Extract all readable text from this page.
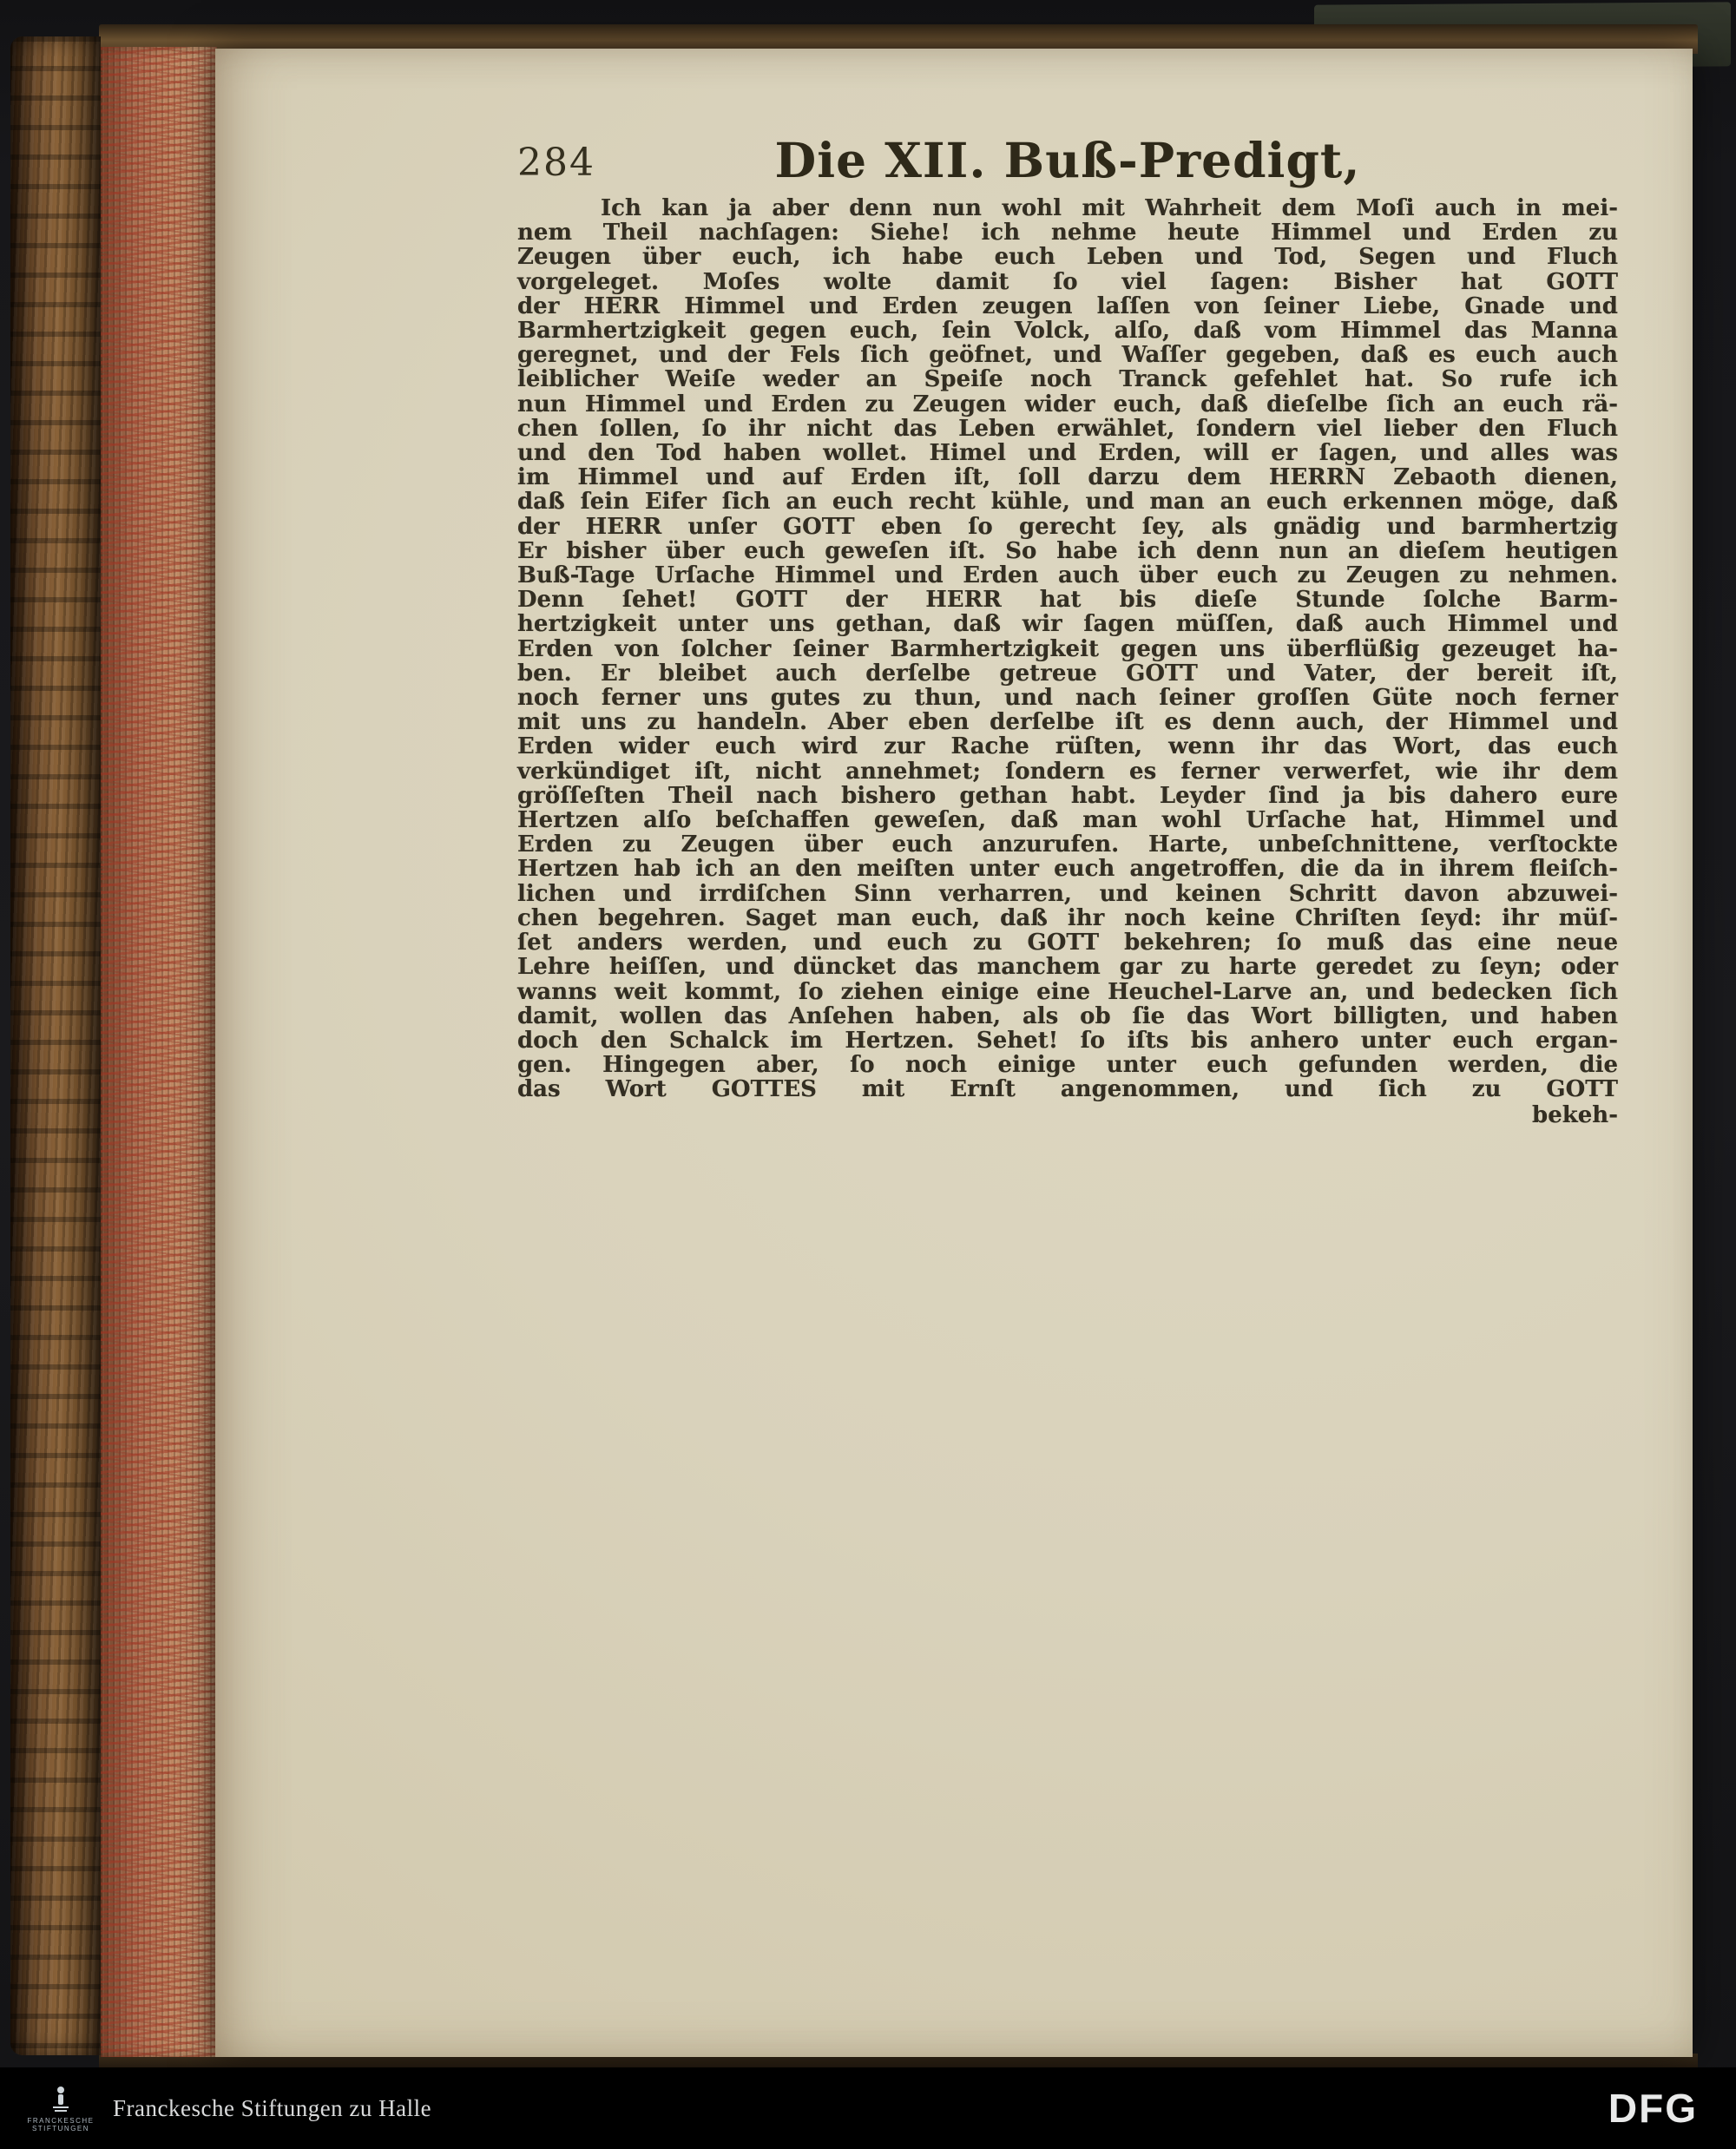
284	Die XII. Buß-Predigt,
Ich kan ja aber denn nun wohl mit Wahrheit dem Moſi auch in mei-
nem Theil nachſagen: Siehe! ich nehme heute Himmel und Erden zu
Zeugen über euch, ich habe euch Leben und Tod, Segen und Fluch
vorgeleget. Moſes wolte damit ſo viel ſagen: Bisher hat GOTT
der HERR Himmel und Erden zeugen laſſen von ſeiner Liebe, Gnade und
Barmhertzigkeit gegen euch, ſein Volck, alſo, daß vom Himmel das Manna
geregnet, und der Fels ſich geöfnet, und Waſſer gegeben, daß es euch auch
leiblicher Weiſe weder an Speiſe noch Tranck gefehlet hat. So rufe ich
nun Himmel und Erden zu Zeugen wider euch, daß dieſelbe ſich an euch rä-
chen ſollen, ſo ihr nicht das Leben erwählet, ſondern viel lieber den Fluch
und den Tod haben wollet. Himel und Erden, will er ſagen, und alles was
im Himmel und auf Erden iſt, ſoll darzu dem HERRN Zebaoth dienen,
daß ſein Eifer ſich an euch recht kühle, und man an euch erkennen möge, daß
der HERR unſer GOTT eben ſo gerecht ſey, als gnädig und barmhertzig
Er bisher über euch geweſen iſt. So habe ich denn nun an dieſem heutigen
Buß-Tage Urſache Himmel und Erden auch über euch zu Zeugen zu nehmen.
Denn ſehet! GOTT der HERR hat bis dieſe Stunde ſolche Barm-
hertzigkeit unter uns gethan, daß wir ſagen müſſen, daß auch Himmel und
Erden von ſolcher ſeiner Barmhertzigkeit gegen uns überflüßig gezeuget ha-
ben. Er bleibet auch derſelbe getreue GOTT und Vater, der bereit iſt,
noch ferner uns gutes zu thun, und nach ſeiner groſſen Güte noch ferner
mit uns zu handeln. Aber eben derſelbe iſt es denn auch, der Himmel und
Erden wider euch wird zur Rache rüſten, wenn ihr das Wort, das euch
verkündiget iſt, nicht annehmet; ſondern es ferner verwerfet, wie ihr dem
gröſſeſten Theil nach bishero gethan habt. Leyder ſind ja bis dahero eure
Hertzen alſo beſchaffen geweſen, daß man wohl Urſache hat, Himmel und
Erden zu Zeugen über euch anzurufen. Harte, unbeſchnittene, verſtockte
Hertzen hab ich an den meiſten unter euch angetroffen, die da in ihrem fleiſch-
lichen und irrdiſchen Sinn verharren, und keinen Schritt davon abzuwei-
chen begehren. Saget man euch, daß ihr noch keine Chriſten ſeyd: ihr müſ-
ſet anders werden, und euch zu GOTT bekehren; ſo muß das eine neue
Lehre heiſſen, und düncket das manchem gar zu harte geredet zu ſeyn; oder
wanns weit kommt, ſo ziehen einige eine Heuchel-Larve an, und bedecken ſich
damit, wollen das Anſehen haben, als ob ſie das Wort billigten, und haben
doch den Schalck im Hertzen. Sehet! ſo iſts bis anhero unter euch ergan-
gen. Hingegen aber, ſo noch einige unter euch gefunden werden, die
das Wort GOTTES mit Ernſt angenommen, und ſich zu GOTT
bekeh-
FRANCKESCHE STIFTUNGEN
Franckesche Stiftungen zu Halle	DFG
